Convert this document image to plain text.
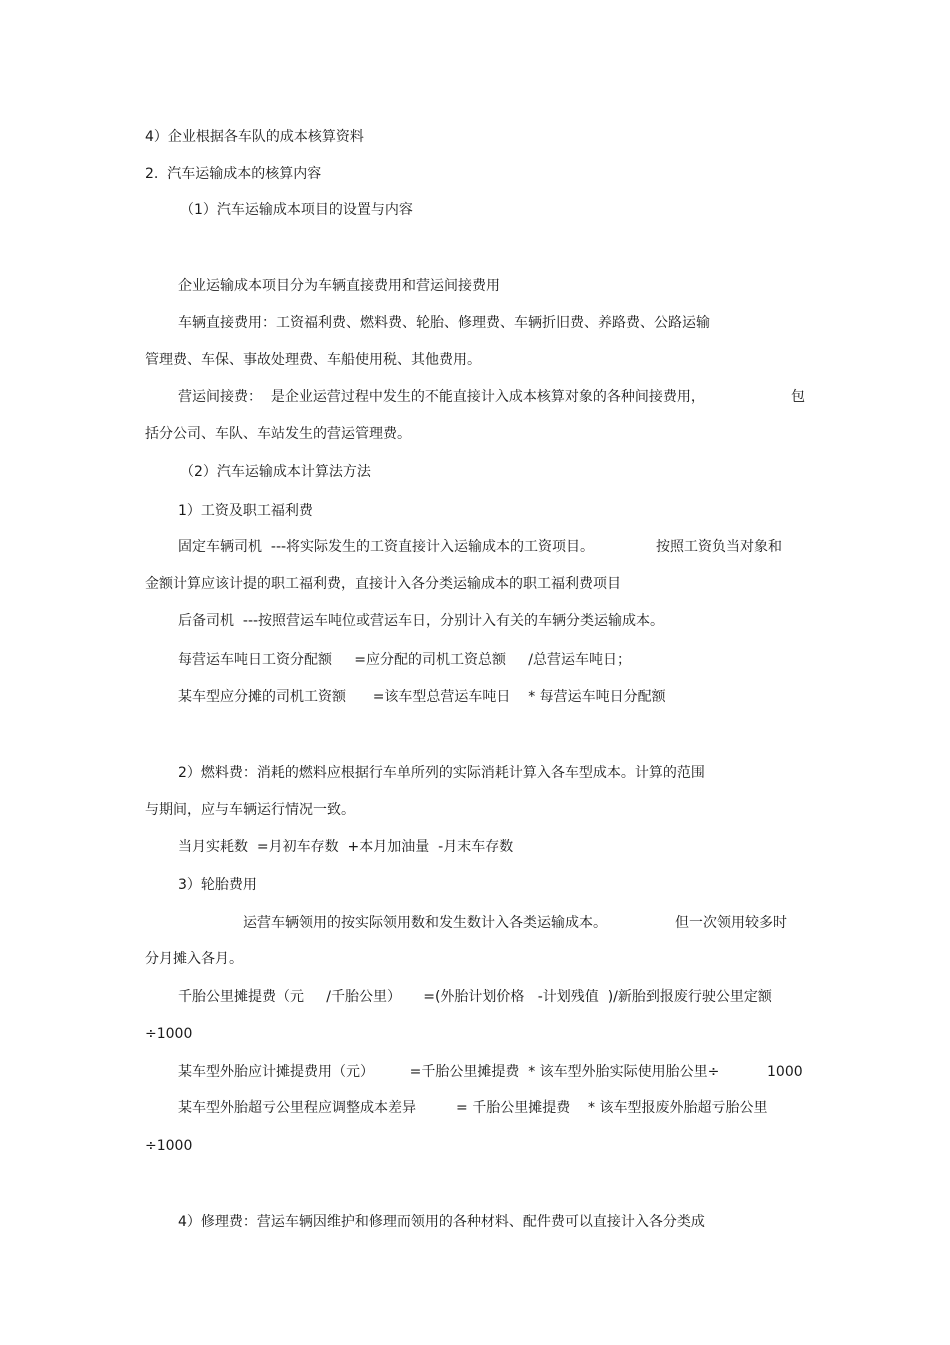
4）企业根据各车队的成本核算资料
2.  汽车运输成本的核算内容
（1）汽车运输成本项目的设置与内容
企业运输成本项目分为车辆直接费用和营运间接费用
车辆直接费用：工资福利费、燃料费、轮胎、修理费、车辆折旧费、养路费、公路运输
管理费、车保、事故处理费、车船使用税、其他费用。
营运间接费：  是企业运营过程中发生的不能直接计入成本核算对象的各种间接费用，	包
括分公司、车队、车站发生的营运管理费。
（2）汽车运输成本计算法方法
1）工资及职工福利费
固定车辆司机  ---将实际发生的工资直接计入运输成本的工资项目。	按照工资负当对象和
金额计算应该计提的职工福利费，直接计入各分类运输成本的职工福利费项目
后备司机  ---按照营运车吨位或营运车日，分别计入有关的车辆分类运输成本。
每营运车吨日工资分配额     =应分配的司机工资总额     /总营运车吨日；
某车型应分摊的司机工资额      =该车型总营运车吨日    * 每营运车吨日分配额
2）燃料费：消耗的燃料应根据行车单所列的实际消耗计算入各车型成本。计算的范围
与期间，应与车辆运行情况一致。
当月实耗数  =月初车存数  +本月加油量  -月末车存数
3）轮胎费用
运营车辆领用的按实际领用数和发生数计入各类运输成本。	但一次领用较多时
分月摊入各月。
千胎公里摊提费（元     /千胎公里）     =(外胎计划价格   -计划残值  )/新胎到报废行驶公里定额
÷1000
某车型外胎应计摊提费用（元）        =千胎公里摊提费  * 该车型外胎实际使用胎公里÷	1000
某车型外胎超亏公里程应调整成本差异         = 千胎公里摊提费    * 该车型报废外胎超亏胎公里
÷1000
4）修理费：营运车辆因维护和修理而领用的各种材料、配件费可以直接计入各分类成
